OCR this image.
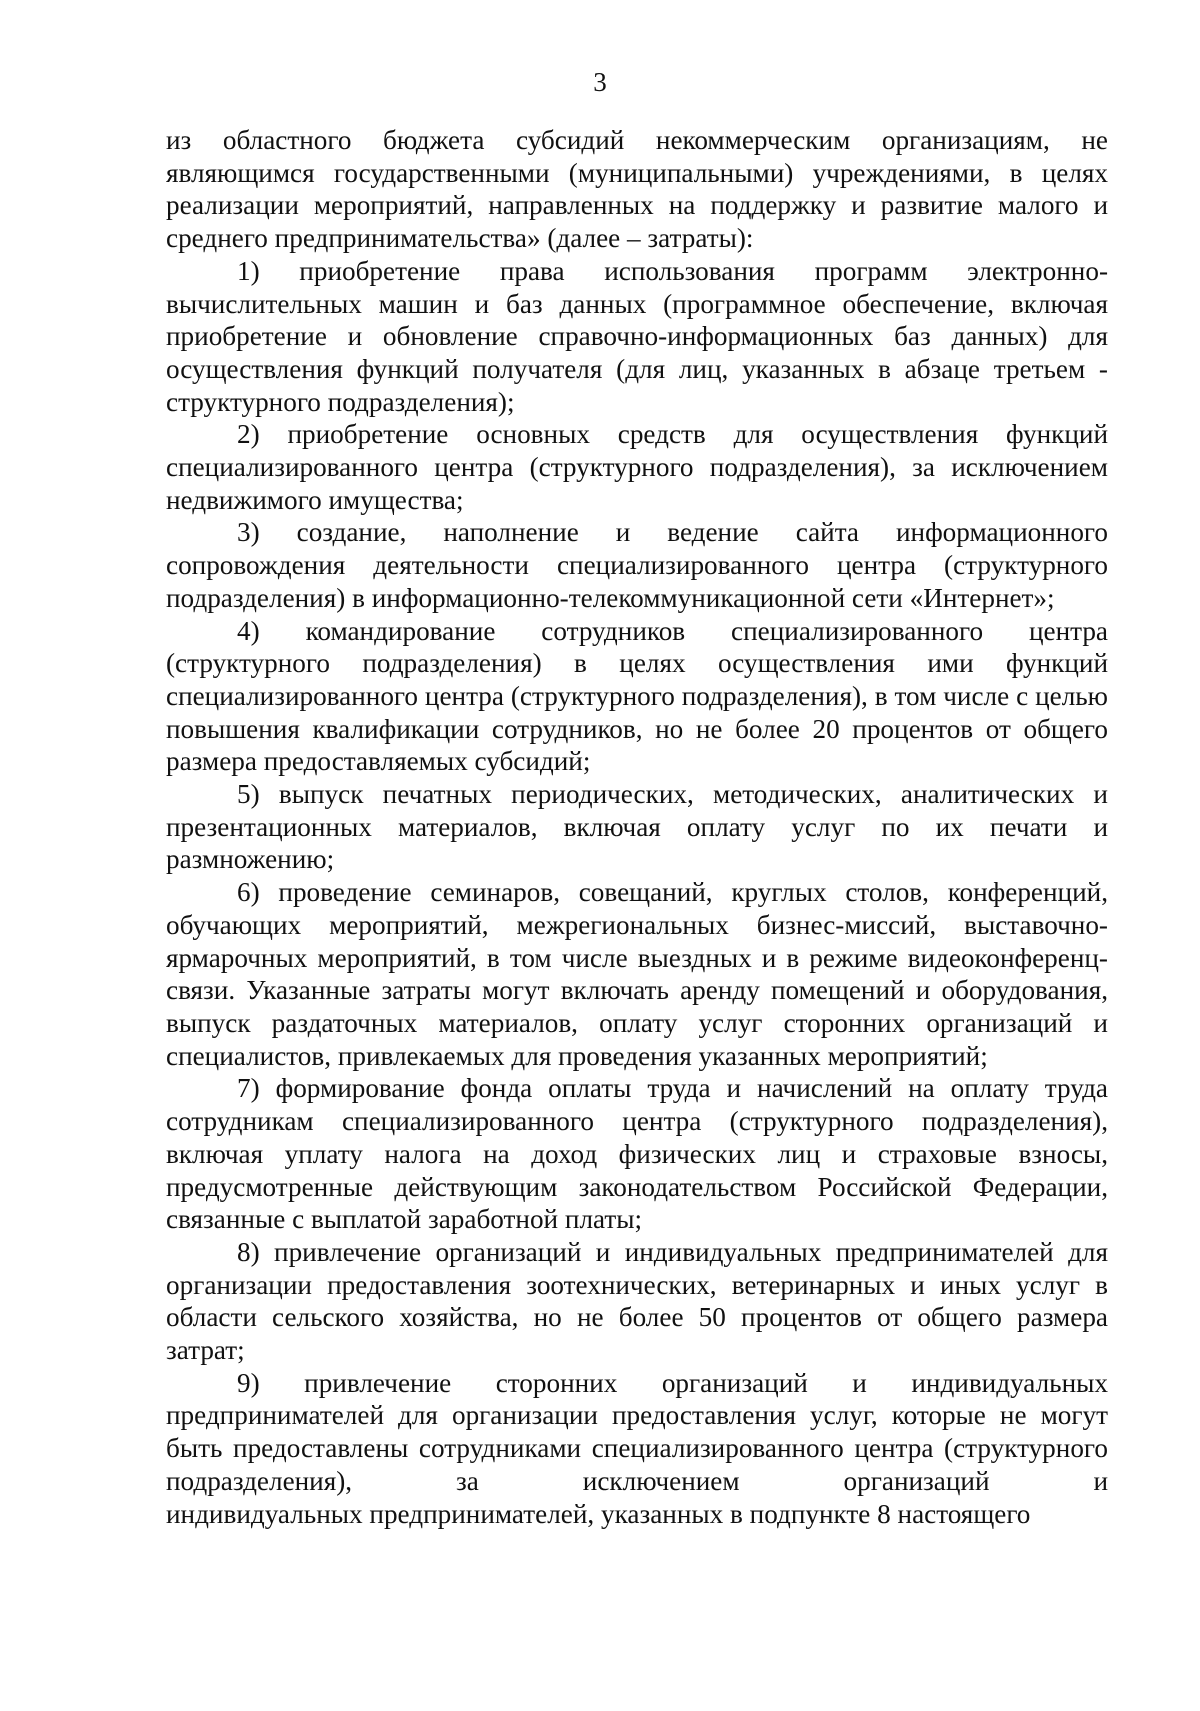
3

из областного бюджета субсидий некоммерческим организациям, не являющимся государственными (муниципальными) учреждениями, в целях реализации мероприятий, направленных на поддержку и развитие малого и среднего предпринимательства» (далее – затраты):

1) приобретение права использования программ электронно-вычислительных машин и баз данных (программное обеспечение, включая приобретение и обновление справочно-информационных баз данных) для осуществления функций получателя (для лиц, указанных в абзаце третьем - структурного подразделения);

2) приобретение основных средств для осуществления функций специализированного центра (структурного подразделения), за исключением недвижимого имущества;

3) создание, наполнение и ведение сайта информационного сопровождения деятельности специализированного центра (структурного подразделения) в информационно-телекоммуникационной сети «Интернет»;

4) командирование сотрудников специализированного центра (структурного подразделения) в целях осуществления ими функций специализированного центра (структурного подразделения), в том числе с целью повышения квалификации сотрудников, но не более 20 процентов от общего размера предоставляемых субсидий;

5) выпуск печатных периодических, методических, аналитических и презентационных материалов, включая оплату услуг по их печати и размножению;

6) проведение семинаров, совещаний, круглых столов, конференций, обучающих мероприятий, межрегиональных бизнес-миссий, выставочно-ярмарочных мероприятий, в том числе выездных и в режиме видеоконференц-связи. Указанные затраты могут включать аренду помещений и оборудования, выпуск раздаточных материалов, оплату услуг сторонних организаций и специалистов, привлекаемых для проведения указанных мероприятий;

7) формирование фонда оплаты труда и начислений на оплату труда сотрудникам специализированного центра (структурного подразделения), включая уплату налога на доход физических лиц и страховые взносы, предусмотренные действующим законодательством Российской Федерации, связанные с выплатой заработной платы;

8) привлечение организаций и индивидуальных предпринимателей для организации предоставления зоотехнических, ветеринарных и иных услуг в области сельского хозяйства, но не более 50 процентов от общего размера затрат;

9) привлечение сторонних организаций и индивидуальных предпринимателей для организации предоставления услуг, которые не могут быть предоставлены сотрудниками специализированного центра (структурного подразделения), за исключением организаций и
индивидуальных предпринимателей, указанных в подпункте 8 настоящего
